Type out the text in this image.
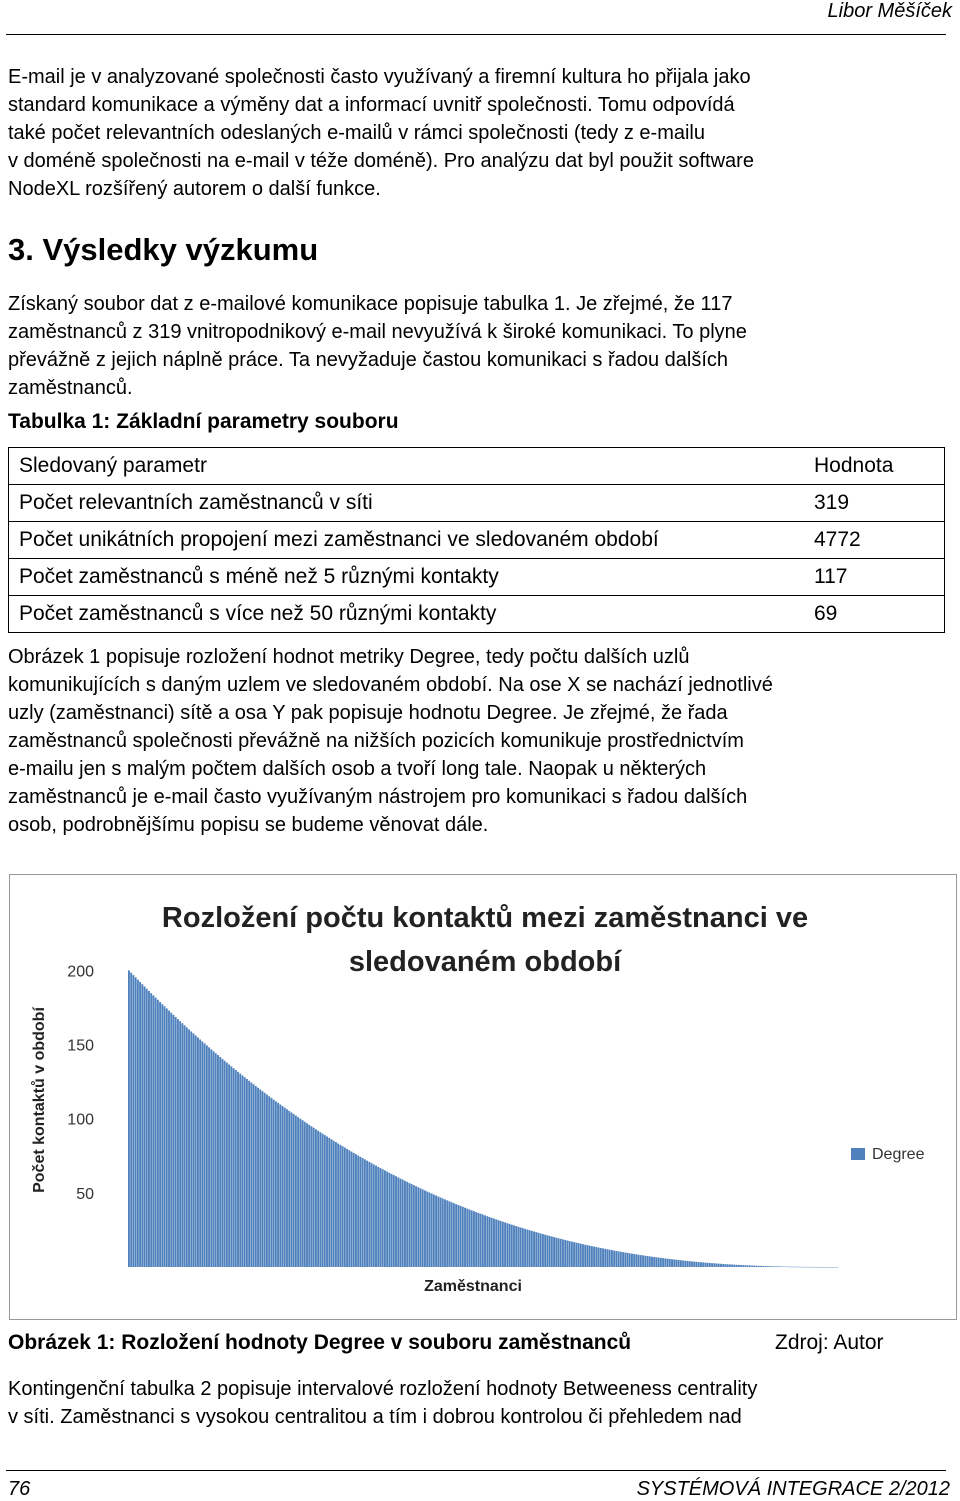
Libor Měšíček
E-mail je v analyzované společnosti často využívaný a firemní kultura ho přijala jako
standard komunikace a výměny dat a informací uvnitř společnosti. Tomu odpovídá
také počet relevantních odeslaných e-mailů v rámci společnosti (tedy z e-mailu
v doméně společnosti na e-mail v téže doméně). Pro analýzu dat byl použit software
NodeXL rozšířený autorem o další funkce.
3. Výsledky výzkumu
Získaný soubor dat z e-mailové komunikace popisuje tabulka 1. Je zřejmé, že 117
zaměstnanců z 319 vnitropodnikový e-mail nevyužívá k široké komunikaci. To plyne
převážně z jejich náplně práce. Ta nevyžaduje častou komunikaci s řadou dalších
zaměstnanců.
Tabulka 1: Základní parametry souboru
Sledovaný parametr	Hodnota
Počet relevantních zaměstnanců v síti	319
Počet unikátních propojení mezi zaměstnanci ve sledovaném období	4772
Počet zaměstnanců s méně než 5 různými kontakty	117
Počet zaměstnanců s více než 50 různými kontakty	69
Obrázek 1 popisuje rozložení hodnot metriky Degree, tedy počtu dalších uzlů
komunikujících s daným uzlem ve sledovaném období. Na ose X se nachází jednotlivé
uzly (zaměstnanci) sítě a osa Y pak popisuje hodnotu Degree. Je zřejmé, že řada
zaměstnanců společnosti převážně na nižších pozicích komunikuje prostřednictvím
e-mailu jen s malým počtem dalších osob a tvoří long tale. Naopak u některých
zaměstnanců je e-mail často využívaným nástrojem pro komunikaci s řadou dalších
osob, podrobnějšímu popisu se budeme věnovat dále.
Rozložení počtu kontaktů mezi zaměstnanci ve
sledovaném období
Počet kontaktů v období
Zaměstnanci
50
100
150
200
Degree
Obrázek 1: Rozložení hodnoty Degree v souboru zaměstnanců	Zdroj: Autor
Kontingenční tabulka 2 popisuje intervalové rozložení hodnoty Betweeness centrality
v síti. Zaměstnanci s vysokou centralitou a tím i dobrou kontrolou či přehledem nad
76	SYSTÉMOVÁ INTEGRACE 2/2012
